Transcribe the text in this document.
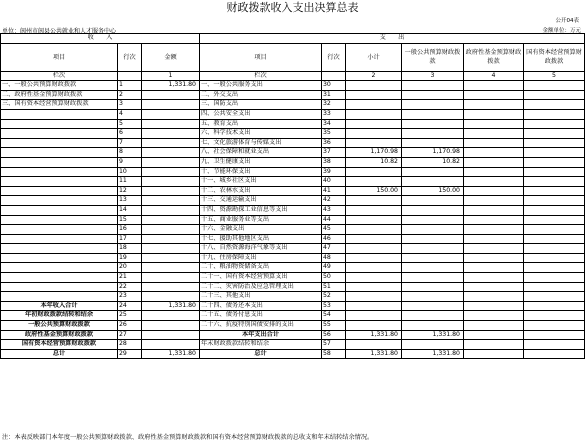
财政拨款收入支出决算总表
公开04表
单位：阆州市阆县公共就业和人才服务中心	金额单位：万元
收　　入			支　　出					
项目	行次	金额	项目	行次	小计	一般公共预算财政拨款	政府性基金预算财政拨款	国有资本经营预算财政拨款
栏次		1	栏次		2	3	4	5
一、一般公共预算财政拨款	1	1,331.80	一、一般公共服务支出	30				
二、政府性基金预算财政拨款	2		二、外交支出	31				
三、国有资本经营预算财政拨款	3		三、国防支出	32				
	4		四、公共安全支出	33				
	5		五、教育支出	34				
	6		六、科学技术支出	35				
	7		七、文化旅游体育与传媒支出	36				
	8		八、社会保障和就业支出	37	1,170.98	1,170.98		
	9		九、卫生健康支出	38	10.82	10.82		
	10		十、节能环保支出	39				
	11		十一、城乡社区支出	40				
	12		十二、农林水支出	41	150.00	150.00		
	13		十三、交通运输支出	42				
	14		十四、资源勘探工业信息等支出	43				
	15		十五、商业服务业等支出	44				
	16		十六、金融支出	45				
	17		十七、援助其他地区支出	46				
	18		十八、自然资源海洋气象等支出	47				
	19		十九、住房保障支出	48				
	20		二十、粮油物资储备支出	49				
	21		二十一、国有资本经营预算支出	50				
	22		二十二、灾害防治及应急管理支出	51				
	23		二十三、其他支出	52				
本年收入合计	24	1,331.80	二十四、债务还本支出	53				
年初财政拨款结转和结余	25		二十五、债务付息支出	54				
一般公共预算财政拨款	26		二十六、抗疫特别国债安排的支出	55				
政府性基金预算财政拨款	27		本年支出合计	56	1,331.80	1,331.80		
国有资本经营预算财政拨款	28		年末财政拨款结转和结余	57				
总计	29	1,331.80	总计	58	1,331.80	1,331.80		
注：本表反映部门本年度一般公共预算财政拨款、政府性基金预算财政拨款和国有资本经营预算财政拨款的总收支和年末结转结余情况。
